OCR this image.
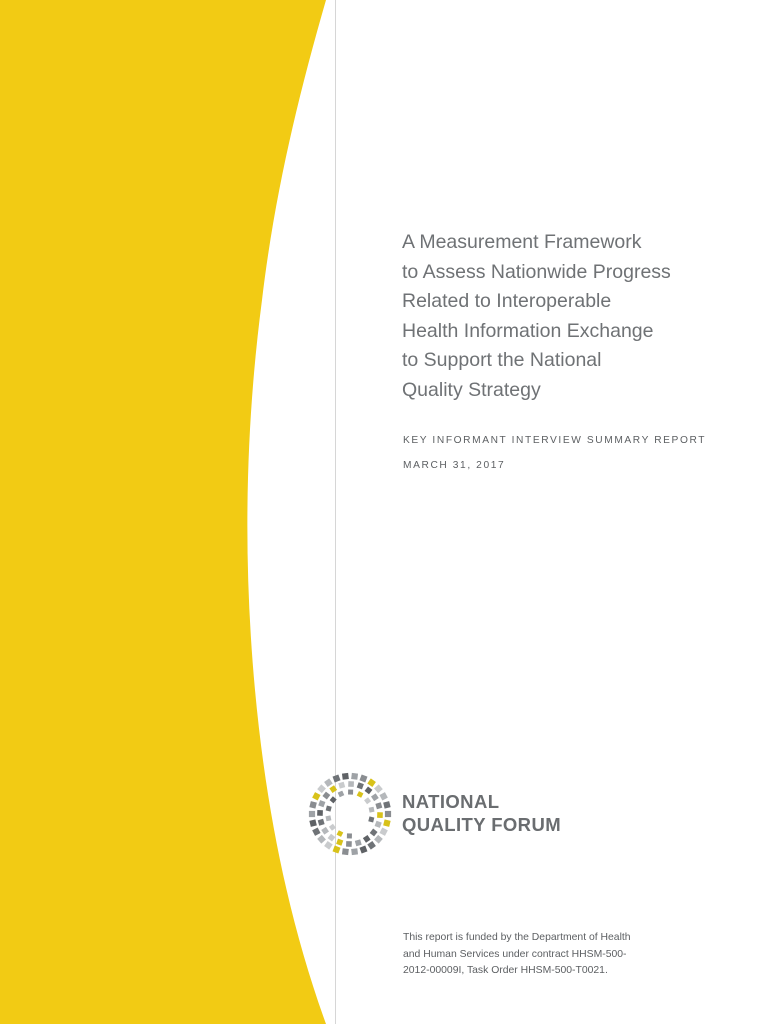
A Measurement Framework
to Assess Nationwide Progress
Related to Interoperable
Health Information Exchange
to Support the National
Quality Strategy
KEY INFORMANT INTERVIEW SUMMARY REPORT
MARCH 31, 2017
NATIONAL
QUALITY FORUM
This report is funded by the Department of Health
and Human Services under contract HHSM-500-
2012-00009I, Task Order HHSM-500-T0021.
